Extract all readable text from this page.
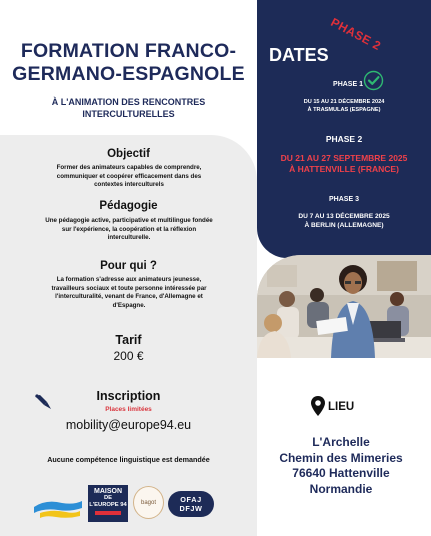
FORMATION FRANCO-
GERMANO-ESPAGNOLE
À L'ANIMATION DES RENCONTRES
INTERCULTURELLES
Objectif
Former des animateurs capables de comprendre, communiquer et coopérer efficacement dans des contextes interculturels
Pédagogie
Une pédagogie active, participative et multilingue fondée sur l'expérience, la coopération et la réflexion interculturelle.
Pour qui ?
La formation s'adresse aux animateurs jeunesse, travailleurs sociaux et toute personne intéressée par l'interculturalité, venant de France, d'Allemagne et d'Espagne.
Tarif
200 €
Inscription
Places limitées
mobility@europe94.eu
Aucune compétence linguistique est demandée
MAISON
DE
L'EUROPE 94	bagot	OFAJ
DFJW
PHASE 2
DATES
PHASE 1
DU 15 AU 21 DÉCEMBRE 2024
À TRASMULAS (ESPAGNE)
PHASE 2
DU 21 AU 27 SEPTEMBRE 2025
À HATTENVILLE (FRANCE)
PHASE 3
DU 7 AU 13 DÉCEMBRE 2025
À BERLIN (ALLEMAGNE)
LIEU
L'Archelle
Chemin des Mimeries
76640 Hattenville
Normandie
